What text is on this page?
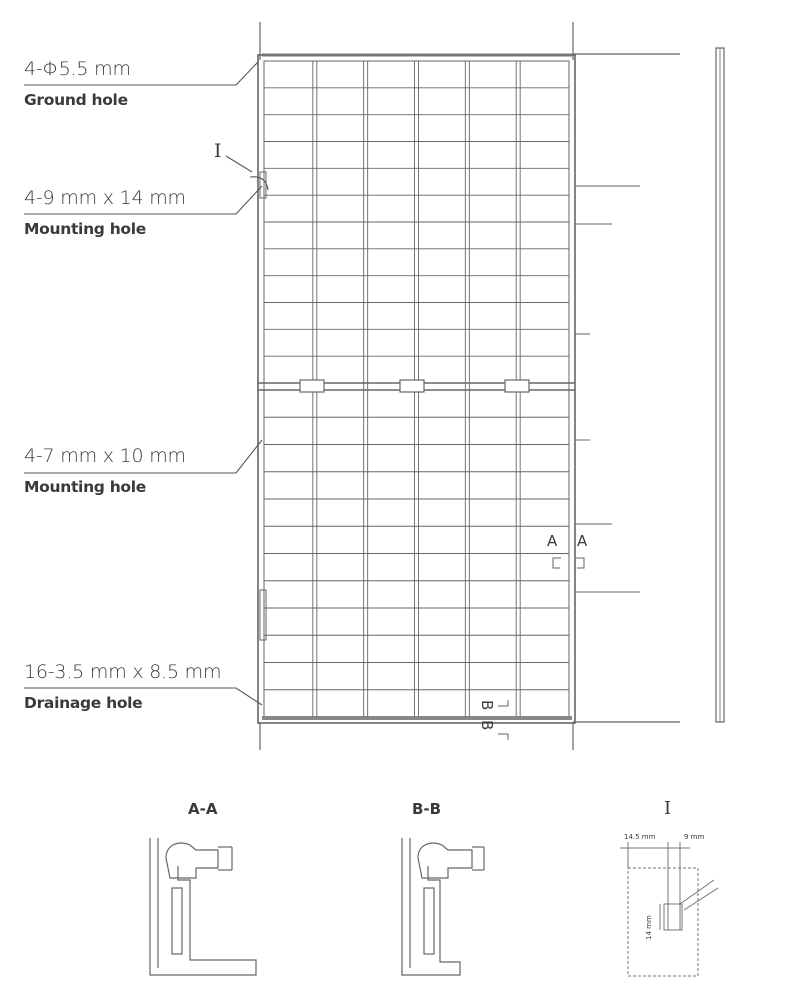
4-Φ5.5 mm
Ground hole
I
4-9 mm x 14 mm
Mounting hole
4-7 mm x 10 mm
Mounting hole
16-3.5 mm x 8.5 mm
Drainage hole
A A
B
B
A-A	B-B	I
14.5 mm	9 mm
14 mm
